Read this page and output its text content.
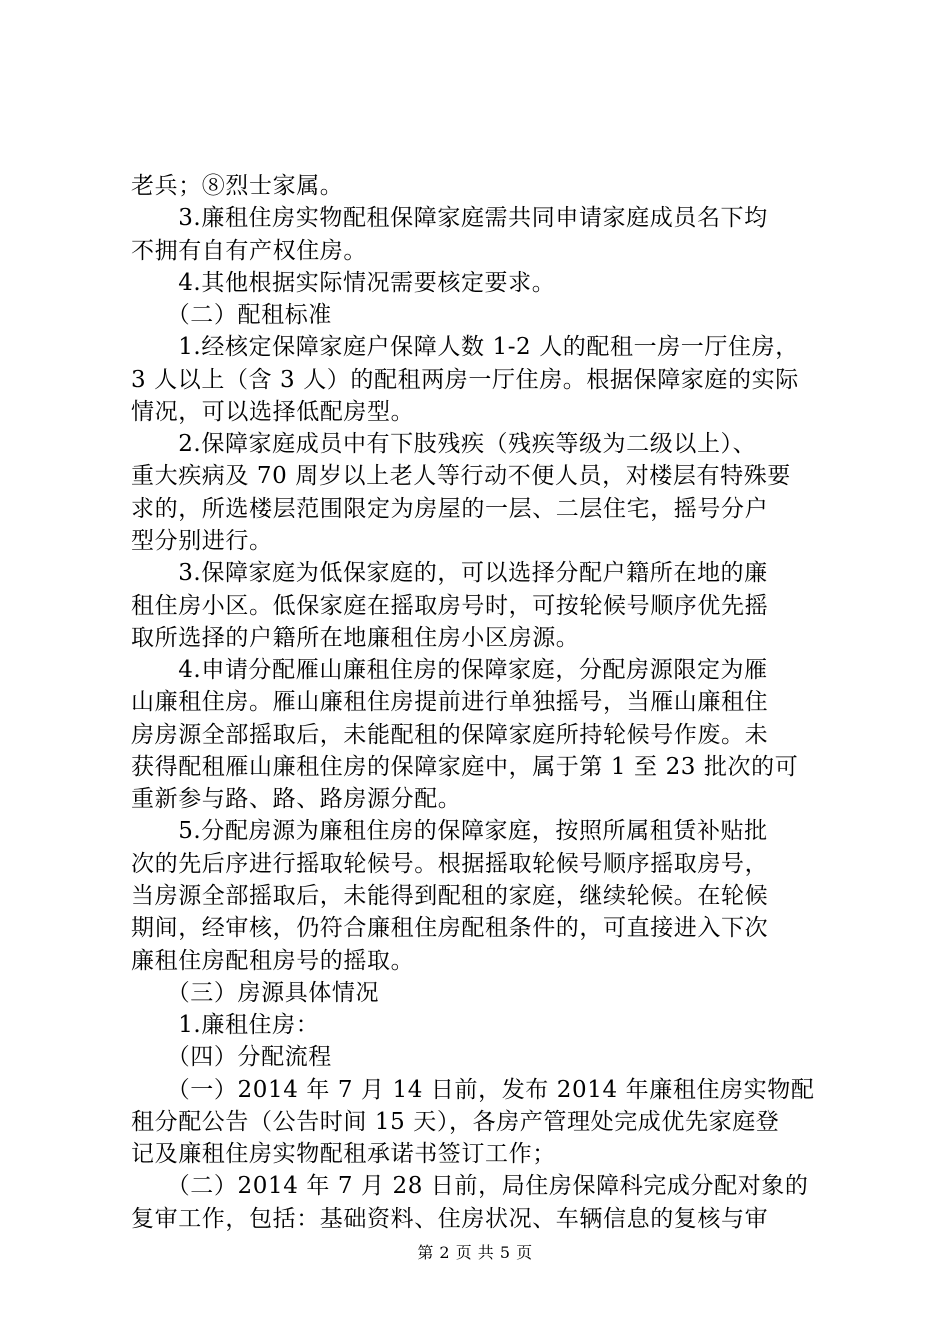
老兵；⑧烈士家属。
　　3.廉租住房实物配租保障家庭需共同申请家庭成员名下均
不拥有自有产权住房。
　　4.其他根据实际情况需要核定要求。
　　（二）配租标准
　　1.经核定保障家庭户保障人数 1-2 人的配租一房一厅住房，
3 人以上（含 3 人）的配租两房一厅住房。根据保障家庭的实际
情况，可以选择低配房型。
　　2.保障家庭成员中有下肢残疾（残疾等级为二级以上）、
重大疾病及 70 周岁以上老人等行动不便人员，对楼层有特殊要
求的，所选楼层范围限定为房屋的一层、二层住宅，摇号分户
型分别进行。
　　3.保障家庭为低保家庭的，可以选择分配户籍所在地的廉
租住房小区。低保家庭在摇取房号时，可按轮候号顺序优先摇
取所选择的户籍所在地廉租住房小区房源。
　　4.申请分配雁山廉租住房的保障家庭，分配房源限定为雁
山廉租住房。雁山廉租住房提前进行单独摇号，当雁山廉租住
房房源全部摇取后，未能配租的保障家庭所持轮候号作废。未
获得配租雁山廉租住房的保障家庭中，属于第 1 至 23 批次的可
重新参与路、路、路房源分配。
　　5.分配房源为廉租住房的保障家庭，按照所属租赁补贴批
次的先后序进行摇取轮候号。根据摇取轮候号顺序摇取房号，
当房源全部摇取后，未能得到配租的家庭，继续轮候。在轮候
期间，经审核，仍符合廉租住房配租条件的，可直接进入下次
廉租住房配租房号的摇取。
　　（三）房源具体情况
　　1.廉租住房：
　　（四）分配流程
　　（一）2014 年 7 月 14 日前，发布 2014 年廉租住房实物配
租分配公告（公告时间 15 天），各房产管理处完成优先家庭登
记及廉租住房实物配租承诺书签订工作；
　　（二）2014 年 7 月 28 日前，局住房保障科完成分配对象的
复审工作，包括：基础资料、住房状况、车辆信息的复核与审
第 2 页 共 5 页
